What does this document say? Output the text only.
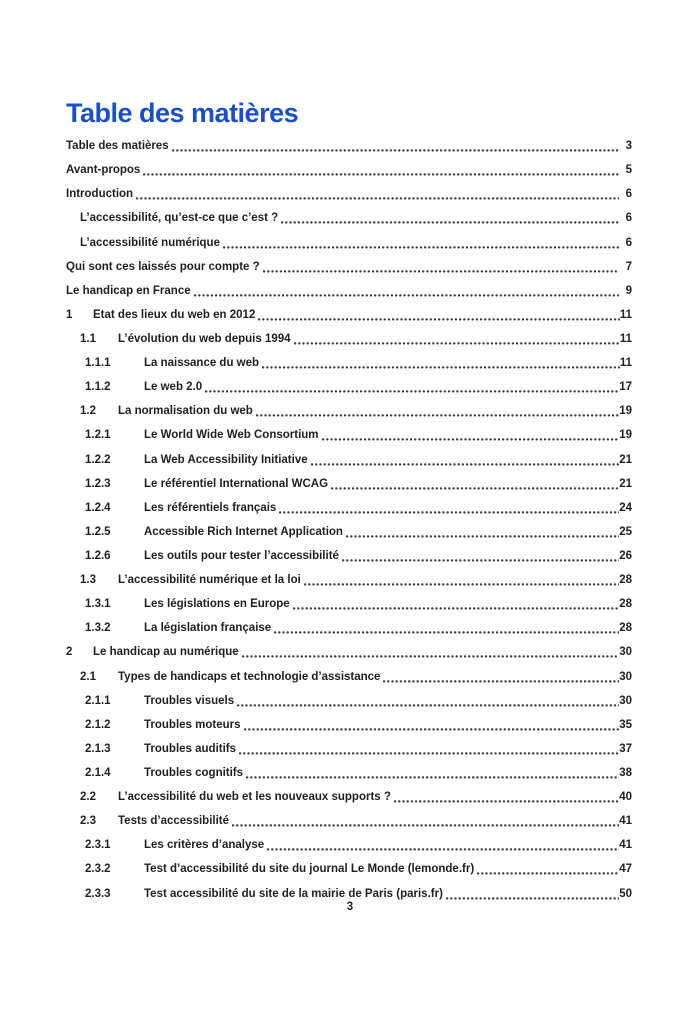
Table des matières
Table des matières	3
Avant-propos	5
Introduction	6
L’accessibilité, qu’est-ce que c’est ?	6
L’accessibilité numérique	6
Qui sont ces laissés pour compte ?	7
Le handicap en France	9
1	Etat des lieux du web en 2012	11
1.1	L’évolution du web depuis 1994	11
1.1.1	La naissance du web	11
1.1.2	Le web 2.0	17
1.2	La normalisation du web	19
1.2.1	Le World Wide Web Consortium	19
1.2.2	La Web Accessibility Initiative	21
1.2.3	Le référentiel International WCAG	21
1.2.4	Les référentiels français	24
1.2.5	Accessible Rich Internet Application	25
1.2.6	Les outils pour tester l’accessibilité	26
1.3	L’accessibilité numérique et la loi	28
1.3.1	Les législations en Europe	28
1.3.2	La législation française	28
2	Le handicap au numérique	30
2.1	Types de handicaps et technologie d’assistance	30
2.1.1	Troubles visuels	30
2.1.2	Troubles moteurs	35
2.1.3	Troubles auditifs	37
2.1.4	Troubles cognitifs	38
2.2	L’accessibilité du web et les nouveaux supports ?	40
2.3	Tests d’accessibilité	41
2.3.1	Les critères d’analyse	41
2.3.2	Test d’accessibilité du site du journal Le Monde (lemonde.fr)	47
2.3.3	Test accessibilité du site de la mairie de Paris (paris.fr)	50
3
